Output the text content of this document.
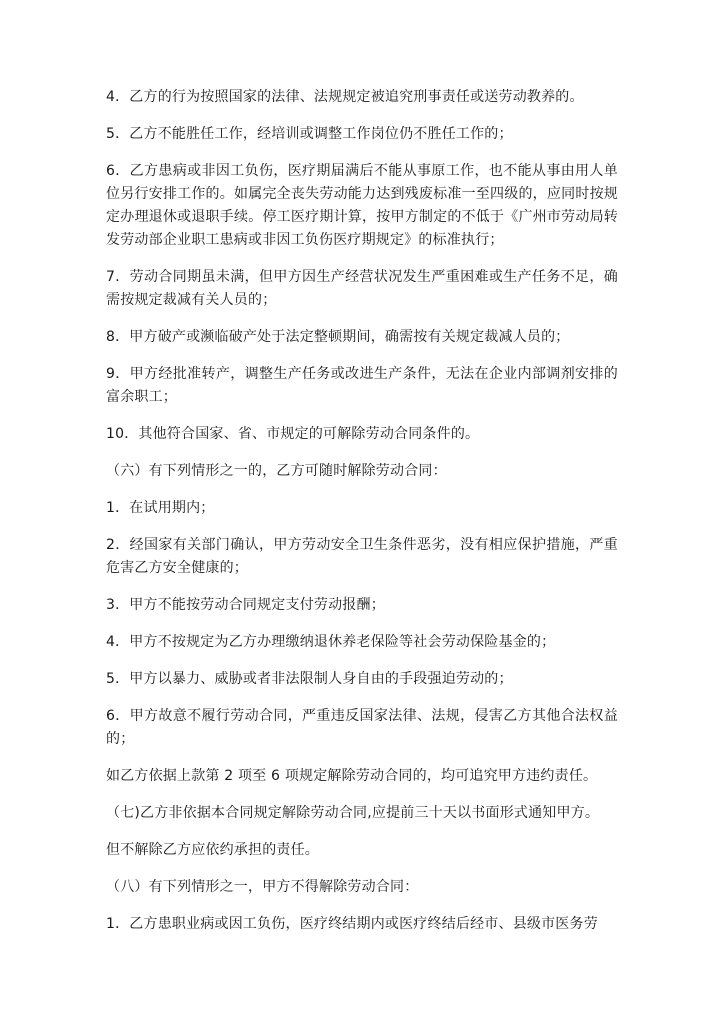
4．乙方的行为按照国家的法律、法规规定被追究刑事责任或送劳动教养的。

5．乙方不能胜任工作，经培训或调整工作岗位仍不胜任工作的；

6．乙方患病或非因工负伤，医疗期届满后不能从事原工作，也不能从事由用人单位另行安排工作的。如属完全丧失劳动能力达到残废标准一至四级的，应同时按规定办理退休或退职手续。停工医疗期计算，按甲方制定的不低于《广州市劳动局转发劳动部企业职工患病或非因工负伤医疗期规定》的标准执行；

7．劳动合同期虽未满，但甲方因生产经营状况发生严重困难或生产任务不足，确需按规定裁减有关人员的；

8．甲方破产或濒临破产处于法定整顿期间，确需按有关规定裁减人员的；

9．甲方经批准转产，调整生产任务或改进生产条件，无法在企业内部调剂安排的富余职工；

10．其他符合国家、省、市规定的可解除劳动合同条件的。

（六）有下列情形之一的，乙方可随时解除劳动合同：

1．在试用期内；

2．经国家有关部门确认，甲方劳动安全卫生条件恶劣，没有相应保护措施，严重危害乙方安全健康的；

3．甲方不能按劳动合同规定支付劳动报酬；

4．甲方不按规定为乙方办理缴纳退休养老保险等社会劳动保险基金的；

5．甲方以暴力、威胁或者非法限制人身自由的手段强迫劳动的；

6．甲方故意不履行劳动合同，严重违反国家法律、法规，侵害乙方其他合法权益的；

如乙方依据上款第 2 项至 6 项规定解除劳动合同的，均可追究甲方违约责任。

（七)乙方非依据本合同规定解除劳动合同,应提前三十天以书面形式通知甲方。

但不解除乙方应依约承担的责任。

（八）有下列情形之一，甲方不得解除劳动合同：

1．乙方患职业病或因工负伤，医疗终结期内或医疗终结后经市、县级市医务劳
